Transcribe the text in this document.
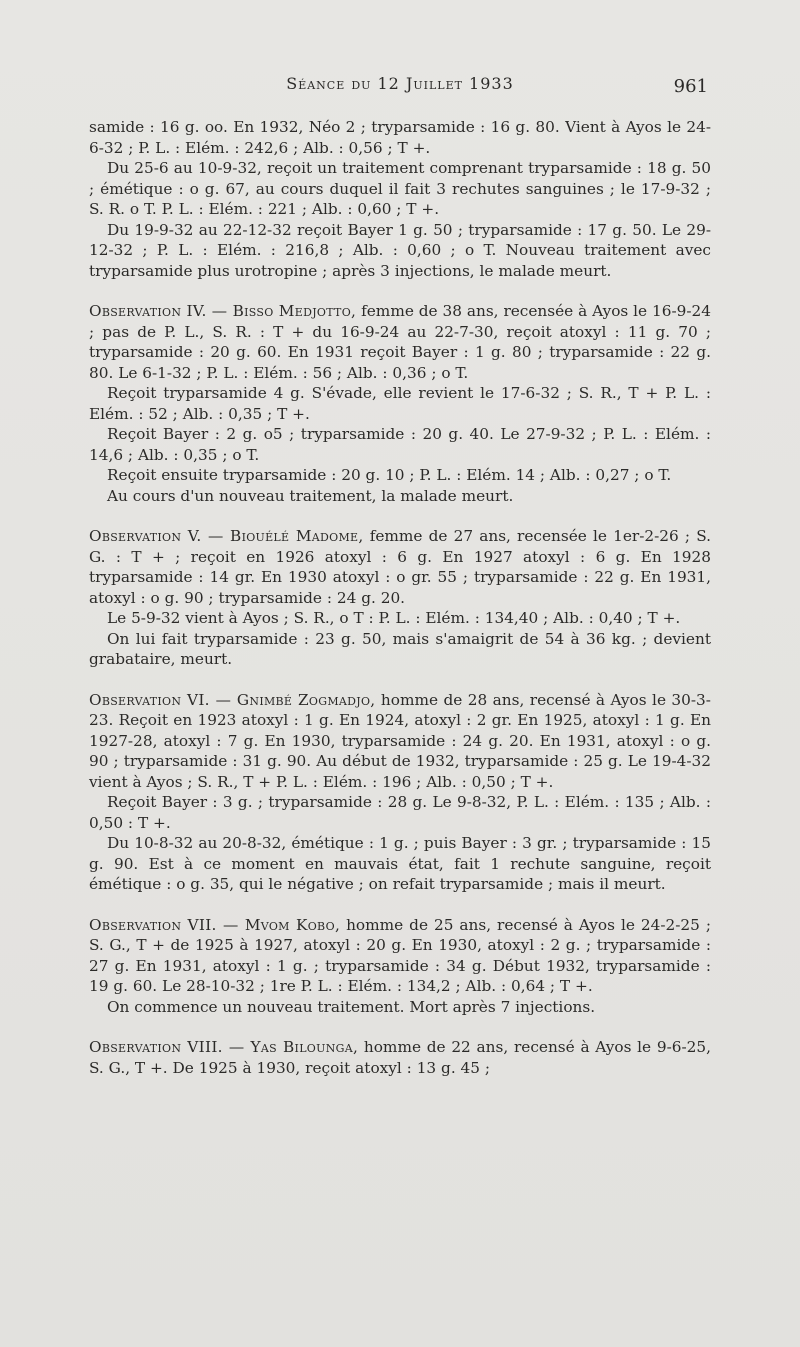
Séance du 12 Juillet 1933	961

samide : 16 g. oo. En 1932, Néo 2 ; tryparsamide : 16 g. 80. Vient à Ayos le 24-6-32 ; P. L. : Elém. : 242,6 ; Alb. : 0,56 ; T +.

Du 25-6 au 10-9-32, reçoit un traitement comprenant tryparsamide : 18 g. 50 ; émétique : o g. 67, au cours duquel il fait 3 rechutes sanguines ; le 17-9-32 ; S. R. o T. P. L. : Elém. : 221 ; Alb. : 0,60 ; T +.

Du 19-9-32 au 22-12-32 reçoit Bayer 1 g. 50 ; tryparsamide : 17 g. 50. Le 29-12-32 ; P. L. : Elém. : 216,8 ; Alb. : 0,60 ; o T. Nouveau traitement avec tryparsamide plus urotropine ; après 3 injections, le malade meurt.

Observation IV. — Bisso Medjotto, femme de 38 ans, recensée à Ayos le 16-9-24 ; pas de P. L., S. R. : T + du 16-9-24 au 22-7-30, reçoit atoxyl : 11 g. 70 ; tryparsamide : 20 g. 60. En 1931 reçoit Bayer : 1 g. 80 ; tryparsamide : 22 g. 80. Le 6-1-32 ; P. L. : Elém. : 56 ; Alb. : 0,36 ; o T.

Reçoit tryparsamide 4 g. S'évade, elle revient le 17-6-32 ; S. R., T + P. L. : Elém. : 52 ; Alb. : 0,35 ; T +.

Reçoit Bayer : 2 g. o5 ; tryparsamide : 20 g. 40. Le 27-9-32 ; P. L. : Elém. : 14,6 ; Alb. : 0,35 ; o T.

Reçoit ensuite tryparsamide : 20 g. 10 ; P. L. : Elém. 14 ; Alb. : 0,27 ; o T.

Au cours d'un nouveau traitement, la malade meurt.

Observation V. — Biouélé Madome, femme de 27 ans, recensée le 1er-2-26 ; S. G. : T + ; reçoit en 1926 atoxyl : 6 g. En 1927 atoxyl : 6 g. En 1928 tryparsamide : 14 gr. En 1930 atoxyl : o gr. 55 ; tryparsamide : 22 g. En 1931, atoxyl : o g. 90 ; tryparsamide : 24 g. 20.

Le 5-9-32 vient à Ayos ; S. R., o T : P. L. : Elém. : 134,40 ; Alb. : 0,40 ; T +.

On lui fait tryparsamide : 23 g. 50, mais s'amaigrit de 54 à 36 kg. ; devient grabataire, meurt.

Observation VI. — Gnimbé Zogmadjo, homme de 28 ans, recensé à Ayos le 30-3-23. Reçoit en 1923 atoxyl : 1 g. En 1924, atoxyl : 2 gr. En 1925, atoxyl : 1 g. En 1927-28, atoxyl : 7 g. En 1930, tryparsamide : 24 g. 20. En 1931, atoxyl : o g. 90 ; tryparsamide : 31 g. 90. Au début de 1932, tryparsamide : 25 g. Le 19-4-32 vient à Ayos ; S. R., T + P. L. : Elém. : 196 ; Alb. : 0,50 ; T +.

Reçoit Bayer : 3 g. ; tryparsamide : 28 g. Le 9-8-32, P. L. : Elém. : 135 ; Alb. : 0,50 : T +.

Du 10-8-32 au 20-8-32, émétique : 1 g. ; puis Bayer : 3 gr. ; tryparsamide : 15 g. 90. Est à ce moment en mauvais état, fait 1 rechute sanguine, reçoit émétique : o g. 35, qui le négative ; on refait tryparsamide ; mais il meurt.

Observation VII. — Mvom Kobo, homme de 25 ans, recensé à Ayos le 24-2-25 ; S. G., T + de 1925 à 1927, atoxyl : 20 g. En 1930, atoxyl : 2 g. ; tryparsamide : 27 g. En 1931, atoxyl : 1 g. ; tryparsamide : 34 g. Début 1932, tryparsamide : 19 g. 60. Le 28-10-32 ; 1re P. L. : Elém. : 134,2 ; Alb. : 0,64 ; T +.

On commence un nouveau traitement. Mort après 7 injections.

Observation VIII. — Yas Bilounga, homme de 22 ans, recensé à Ayos le 9-6-25, S. G., T +. De 1925 à 1930, reçoit atoxyl : 13 g. 45 ;
